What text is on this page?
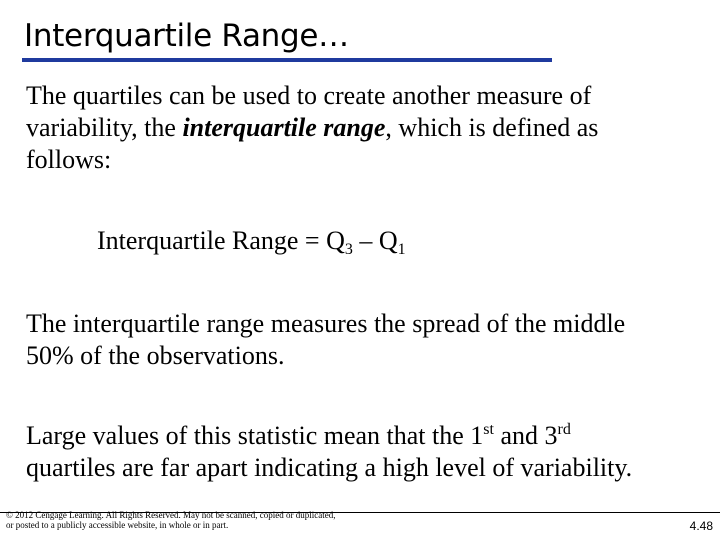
Interquartile Range…
The quartiles can be used to create another measure of
variability, the interquartile range, which is defined as
follows:
Interquartile Range = $Q_3 - Q_1$
The interquartile range measures the spread of the middle
50% of the observations.
Large values of this statistic mean that the 1st and 3rd
quartiles are far apart indicating a high level of variability.
© 2012 Cengage Learning. All Rights Reserved. May not be scanned, copied or duplicated, or posted to a publicly accessible website, in whole or in part.	4.48
